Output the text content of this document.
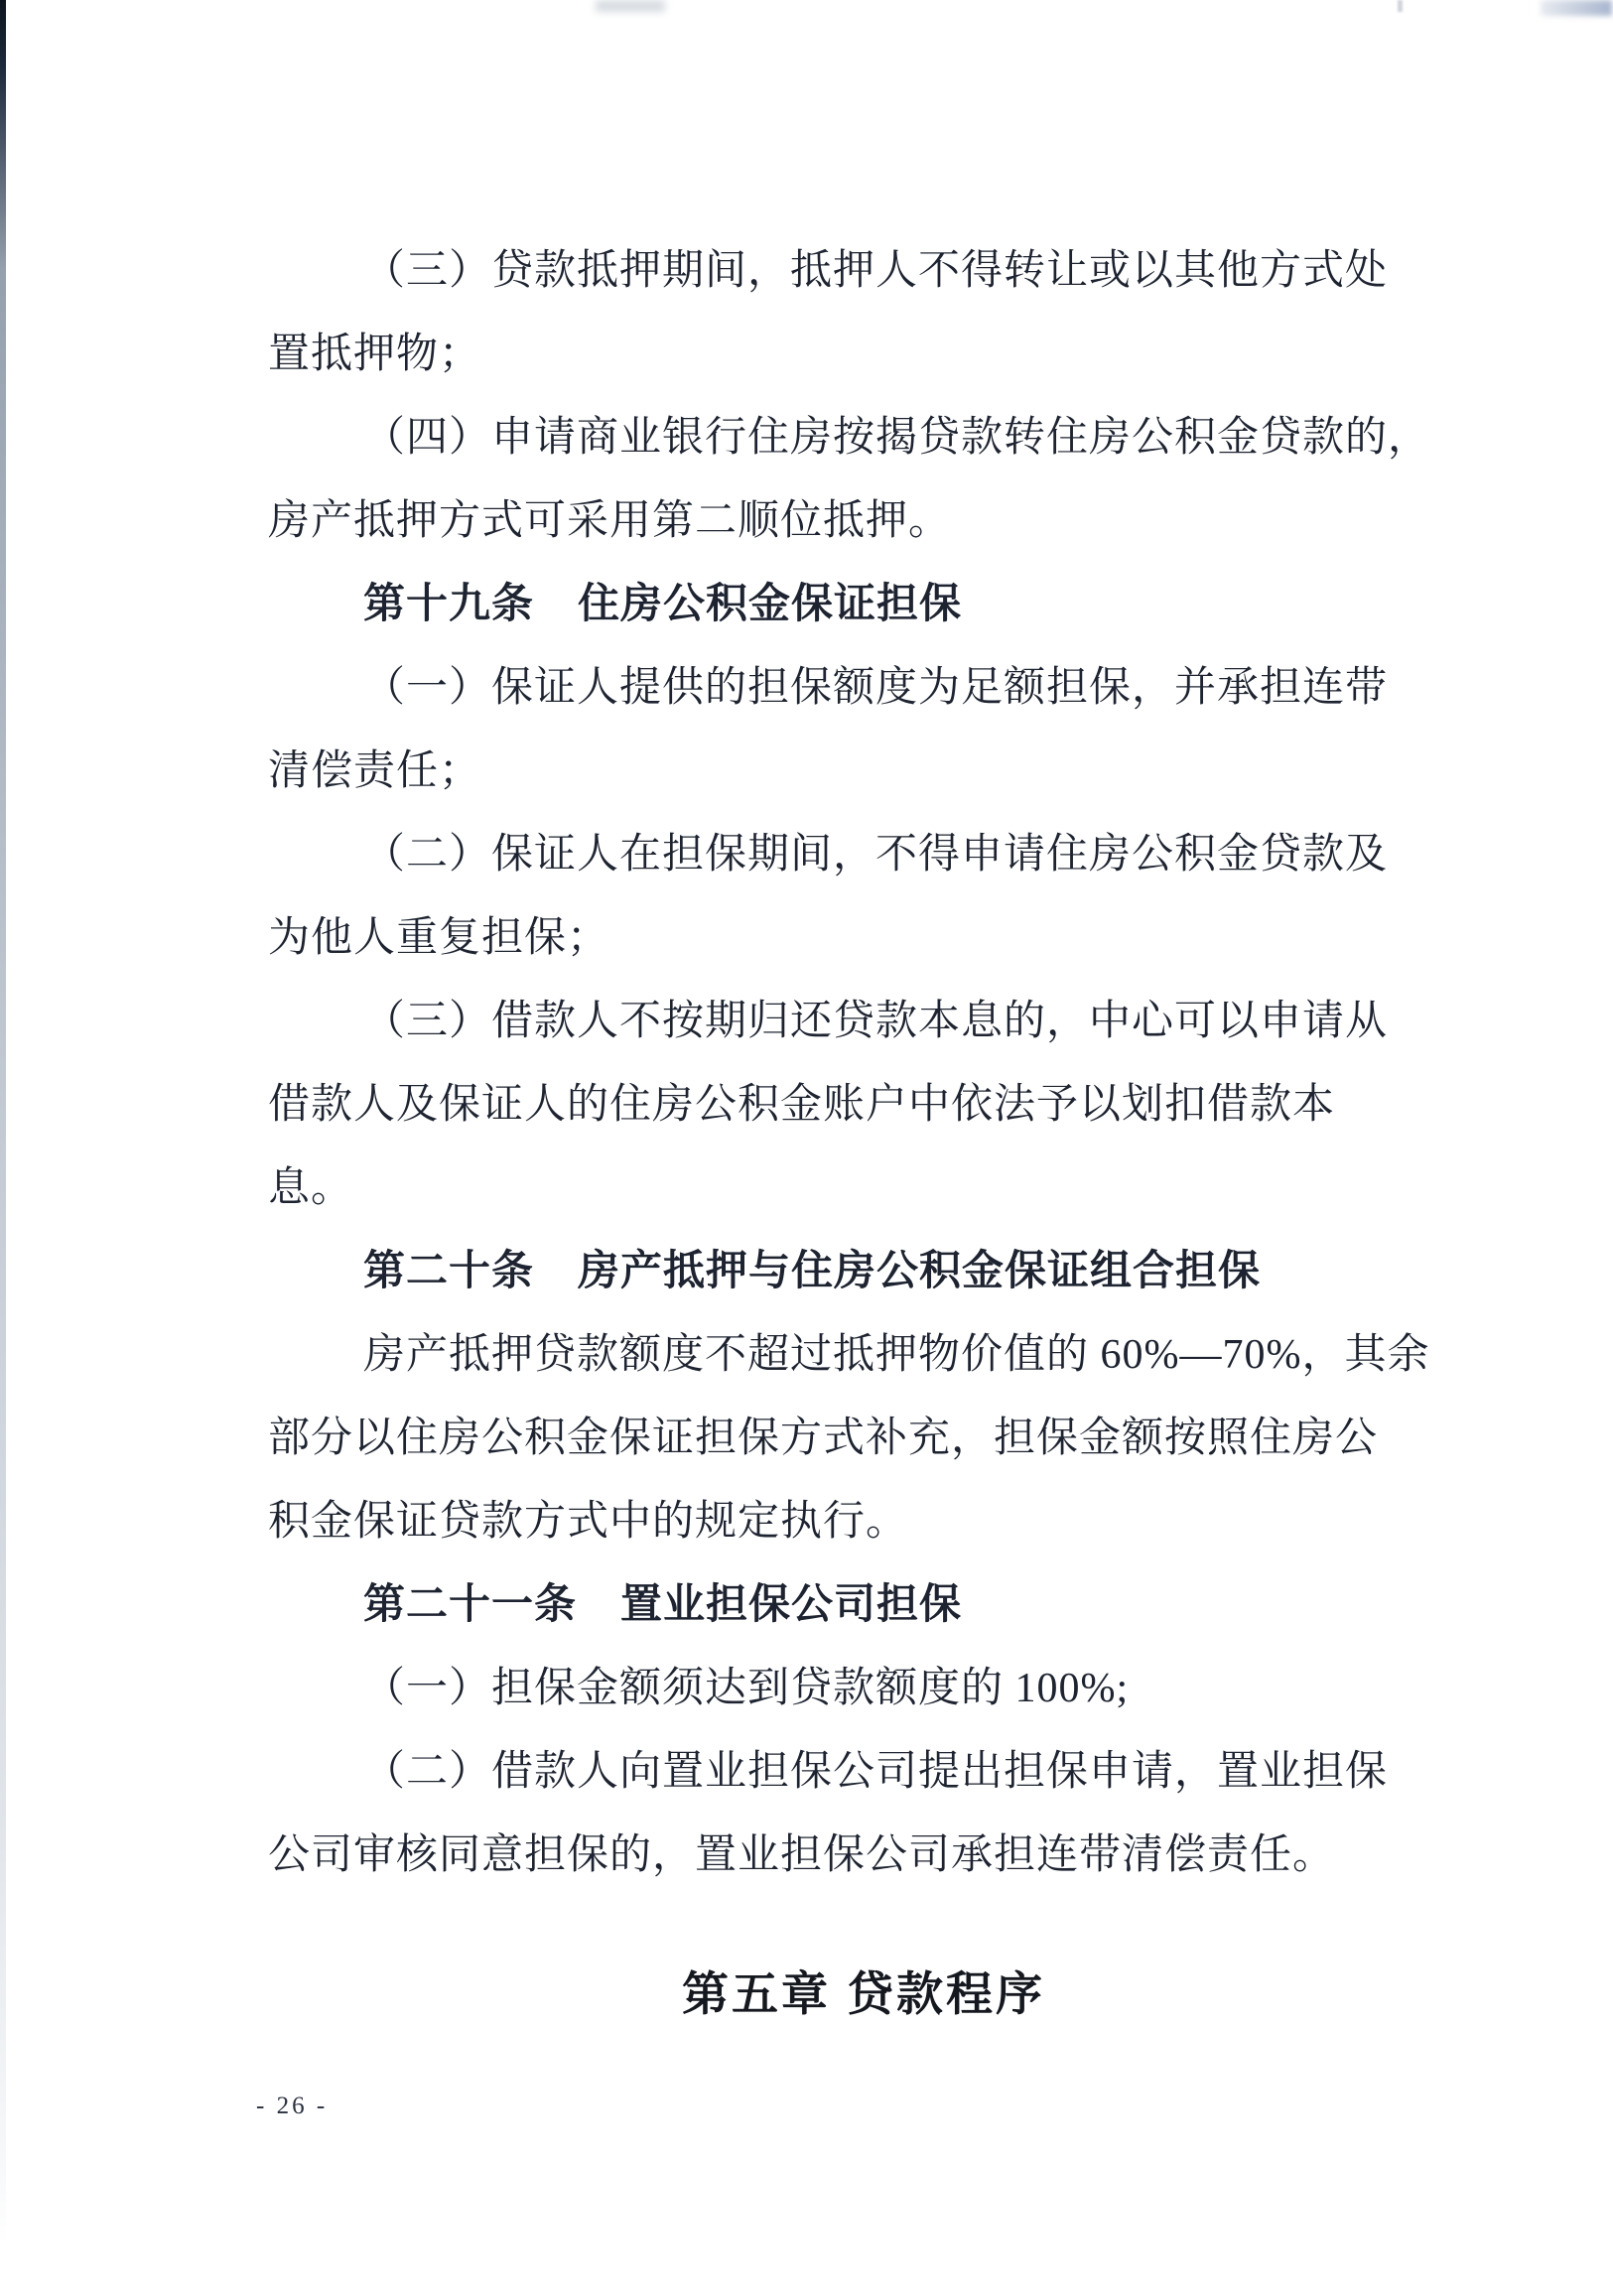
（三）贷款抵押期间，抵押人不得转让或以其他方式处
置抵押物；
（四）申请商业银行住房按揭贷款转住房公积金贷款的，
房产抵押方式可采用第二顺位抵押。
第十九条 住房公积金保证担保
（一）保证人提供的担保额度为足额担保，并承担连带
清偿责任；
（二）保证人在担保期间，不得申请住房公积金贷款及
为他人重复担保；
（三）借款人不按期归还贷款本息的，中心可以申请从
借款人及保证人的住房公积金账户中依法予以划扣借款本
息。
第二十条 房产抵押与住房公积金保证组合担保
房产抵押贷款额度不超过抵押物价值的 60%—70%，其余
部分以住房公积金保证担保方式补充，担保金额按照住房公
积金保证贷款方式中的规定执行。
第二十一条 置业担保公司担保
（一）担保金额须达到贷款额度的 100%;
（二）借款人向置业担保公司提出担保申请，置业担保
公司审核同意担保的，置业担保公司承担连带清偿责任。
第五章 贷款程序
- 26 -
